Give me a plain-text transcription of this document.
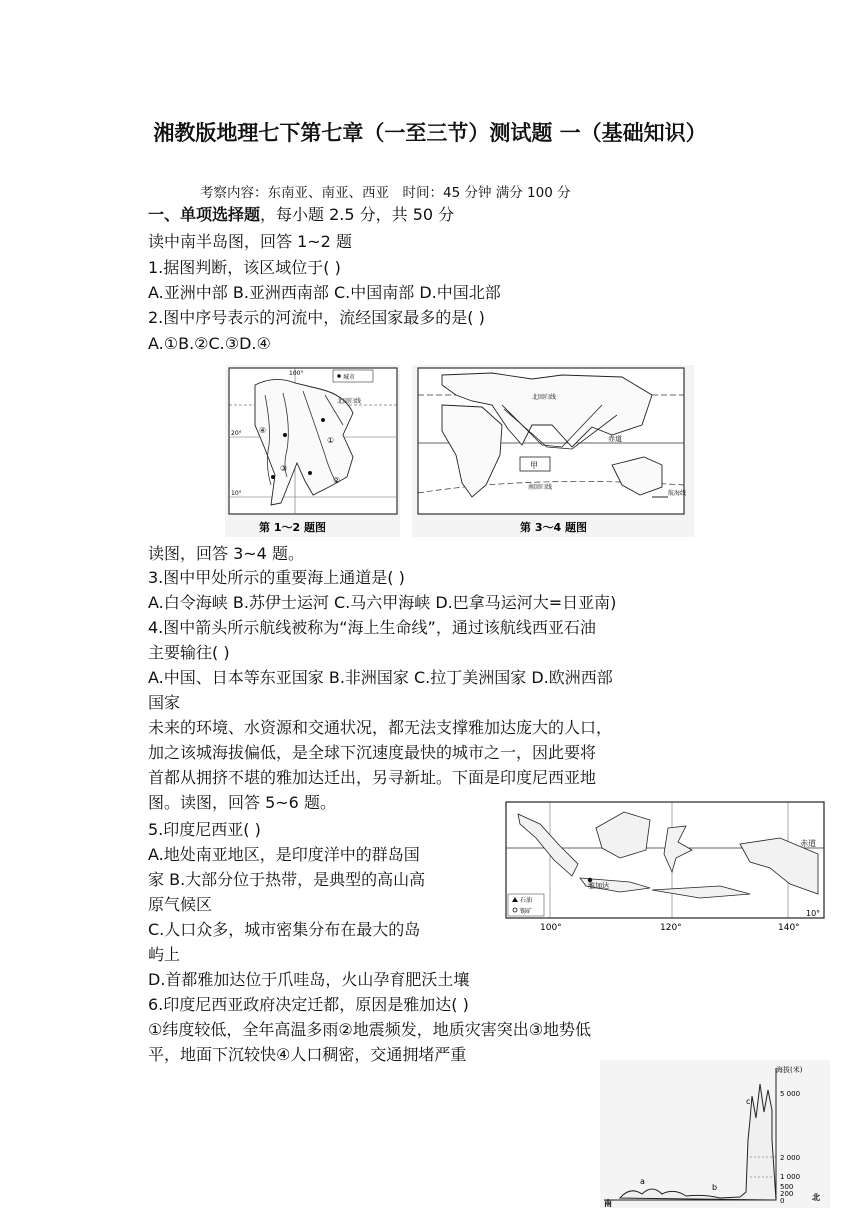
湘教版地理七下第七章（一至三节）测试题 一（基础知识）
考察内容：东南亚、南亚、西亚　时间：45 分钟 满分 100 分
一、单项选择题，每小题 2.5 分，共 50 分
读中南半岛图，回答 1~2 题
1.据图判断，该区域位于( )
A.亚洲中部 B.亚洲西南部 C.中国南部 D.中国北部
2.图中序号表示的河流中，流经国家最多的是( )
A.①B.②C.③D.④
城市
100°
北回归线
20°
10°
④
③
①
②
第 1～2 题图
甲
北回归线
赤道
南回归线
航海线
第 3～4 题图
读图，回答 3~4 题。
3.图中甲处所示的重要海上通道是( )
A.白令海峡 B.苏伊士运河 C.马六甲海峡 D.巴拿马运河大=日亚南)
4.图中箭头所示航线被称为“海上生命线”，通过该航线西亚石油
主要输往( )
A.中国、日本等东亚国家 B.非洲国家 C.拉丁美洲国家 D.欧洲西部
国家
未来的环境、水资源和交通状况，都无法支撑雅加达庞大的人口，
加之该城海拔偏低，是全球下沉速度最快的城市之一，因此要将
首都从拥挤不堪的雅加达迁出，另寻新址。下面是印度尼西亚地
图。读图，回答 5~6 题。
5.印度尼西亚( )
A.地处南亚地区，是印度洋中的群岛国
家 B.大部分位于热带，是典型的高山高
原气候区
C.人口众多，城市密集分布在最大的岛
屿上
D.首都雅加达位于爪哇岛，火山孕育肥沃土壤
6.印度尼西亚政府决定迁都，原因是雅加达( )
①纬度较低，全年高温多雨②地震频发，地质灾害突出③地势低
平，地面下沉较快④人口稠密，交通拥堵严重
赤道
雅加达
石油
锡矿	10°
100°	120°	140°
海拔(米)
5 000
2 000
1 000
500
200
0
南
北
a
b
c
